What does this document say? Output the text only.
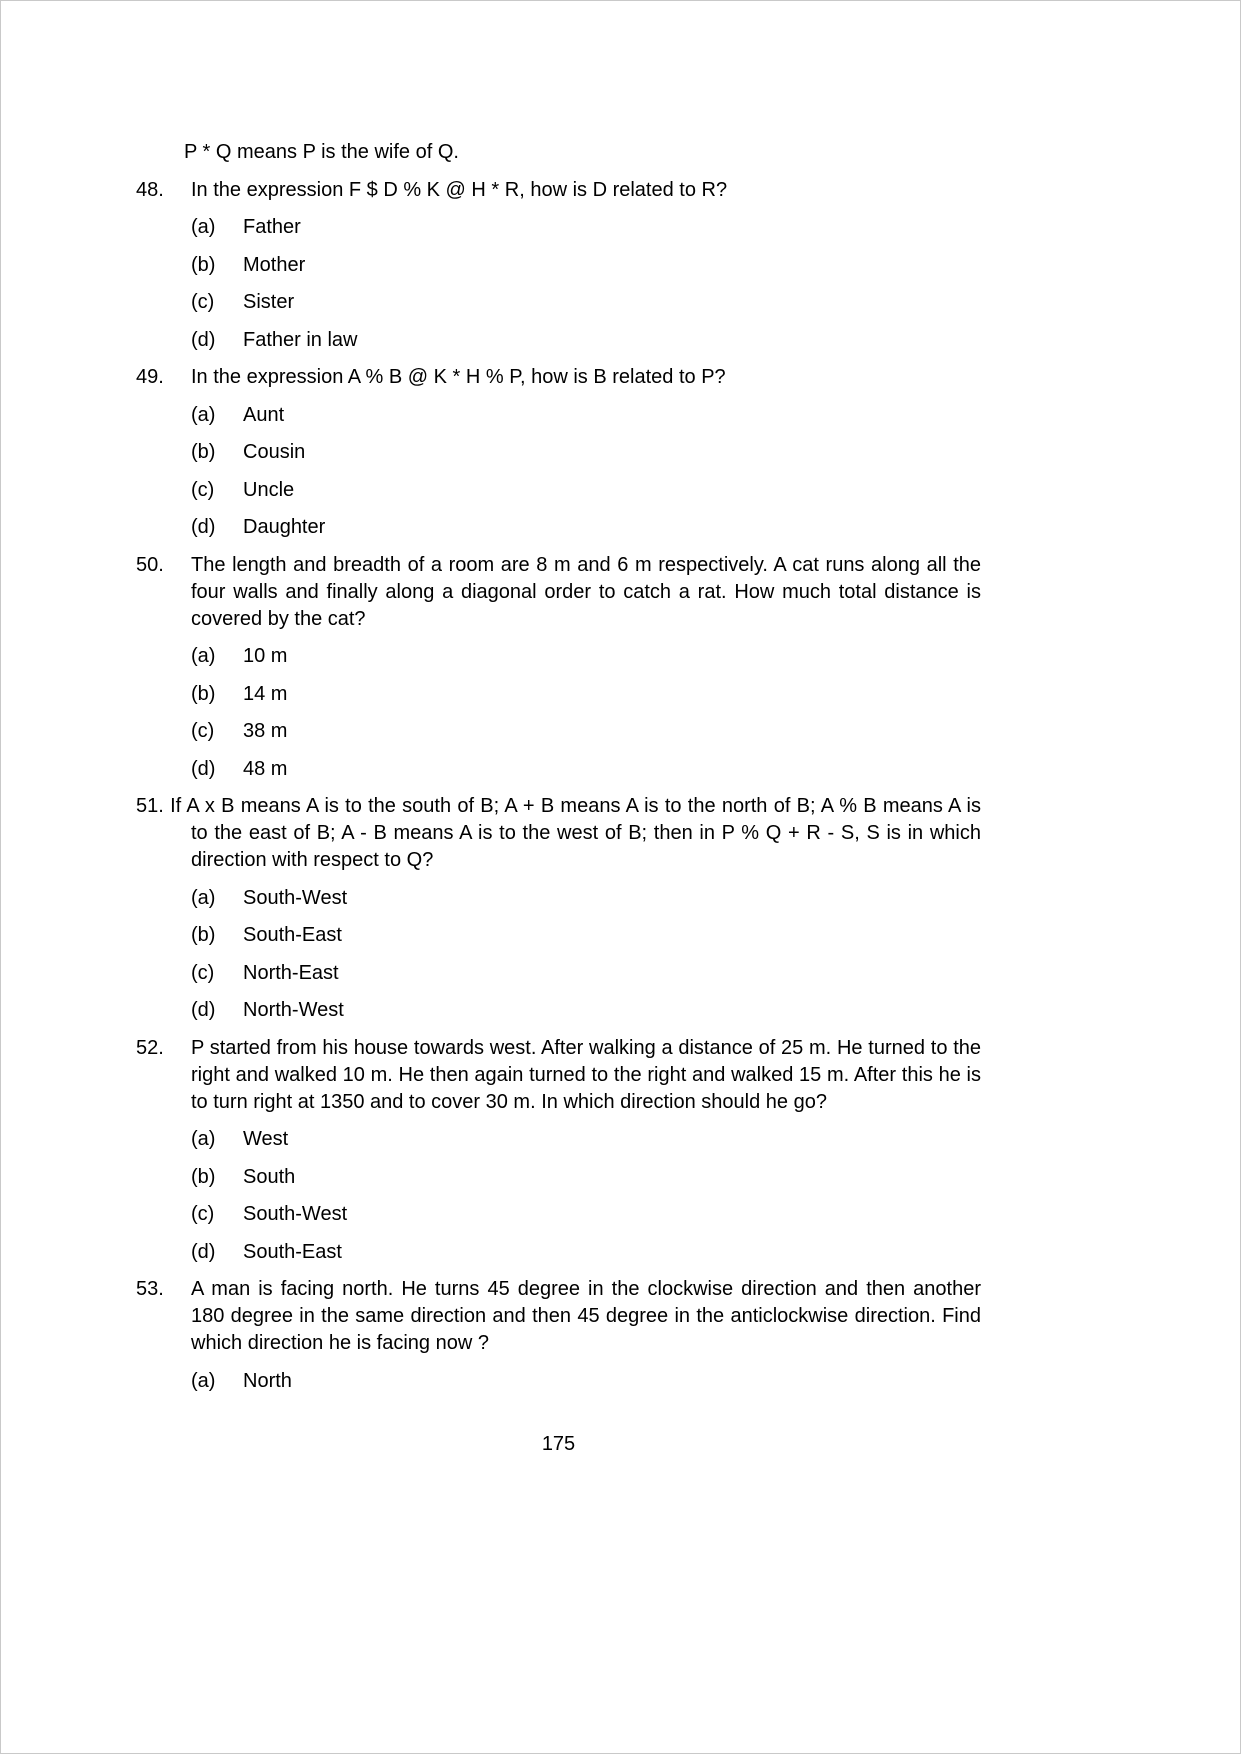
P * Q means P is the wife of Q.

48.	In the expression F $ D % K @ H * R, how is D related to R?

(a)	Father
(b)	Mother
(c)	Sister
(d)	Father in law
49.	In the expression A % B @ K * H % P, how is B related to P?

(a)	Aunt
(b)	Cousin
(c)	Uncle
(d)	Daughter
50.	The length and breadth of a room are 8 m and 6 m respectively. A cat runs along all the four walls and finally along a diagonal order to catch a rat. How much total distance is covered by the cat?

(a)	10 m
(b)	14 m
(c)	38 m
(d)	48 m
51. If A x B means A is to the south of B; A + B means A is to the north of B; A % B means A is to the east of B; A - B means A is to the west of B; then in P % Q + R - S, S is in which direction with respect to Q?

(a)	South-West
(b)	South-East
(c)	North-East
(d)	North-West
52.	P started from his house towards west. After walking a distance of 25 m. He turned to the right and walked 10 m. He then again turned to the right and walked 15 m. After this he is to turn right at 1350 and to cover 30 m. In which direction should he go?

(a)	West
(b)	South
(c)	South-West
(d)	South-East
53.	A man is facing north. He turns 45 degree in the clockwise direction and then another 180 degree in the same direction and then 45 degree in the anticlockwise direction. Find which direction he is facing now ?

(a)	North
175
